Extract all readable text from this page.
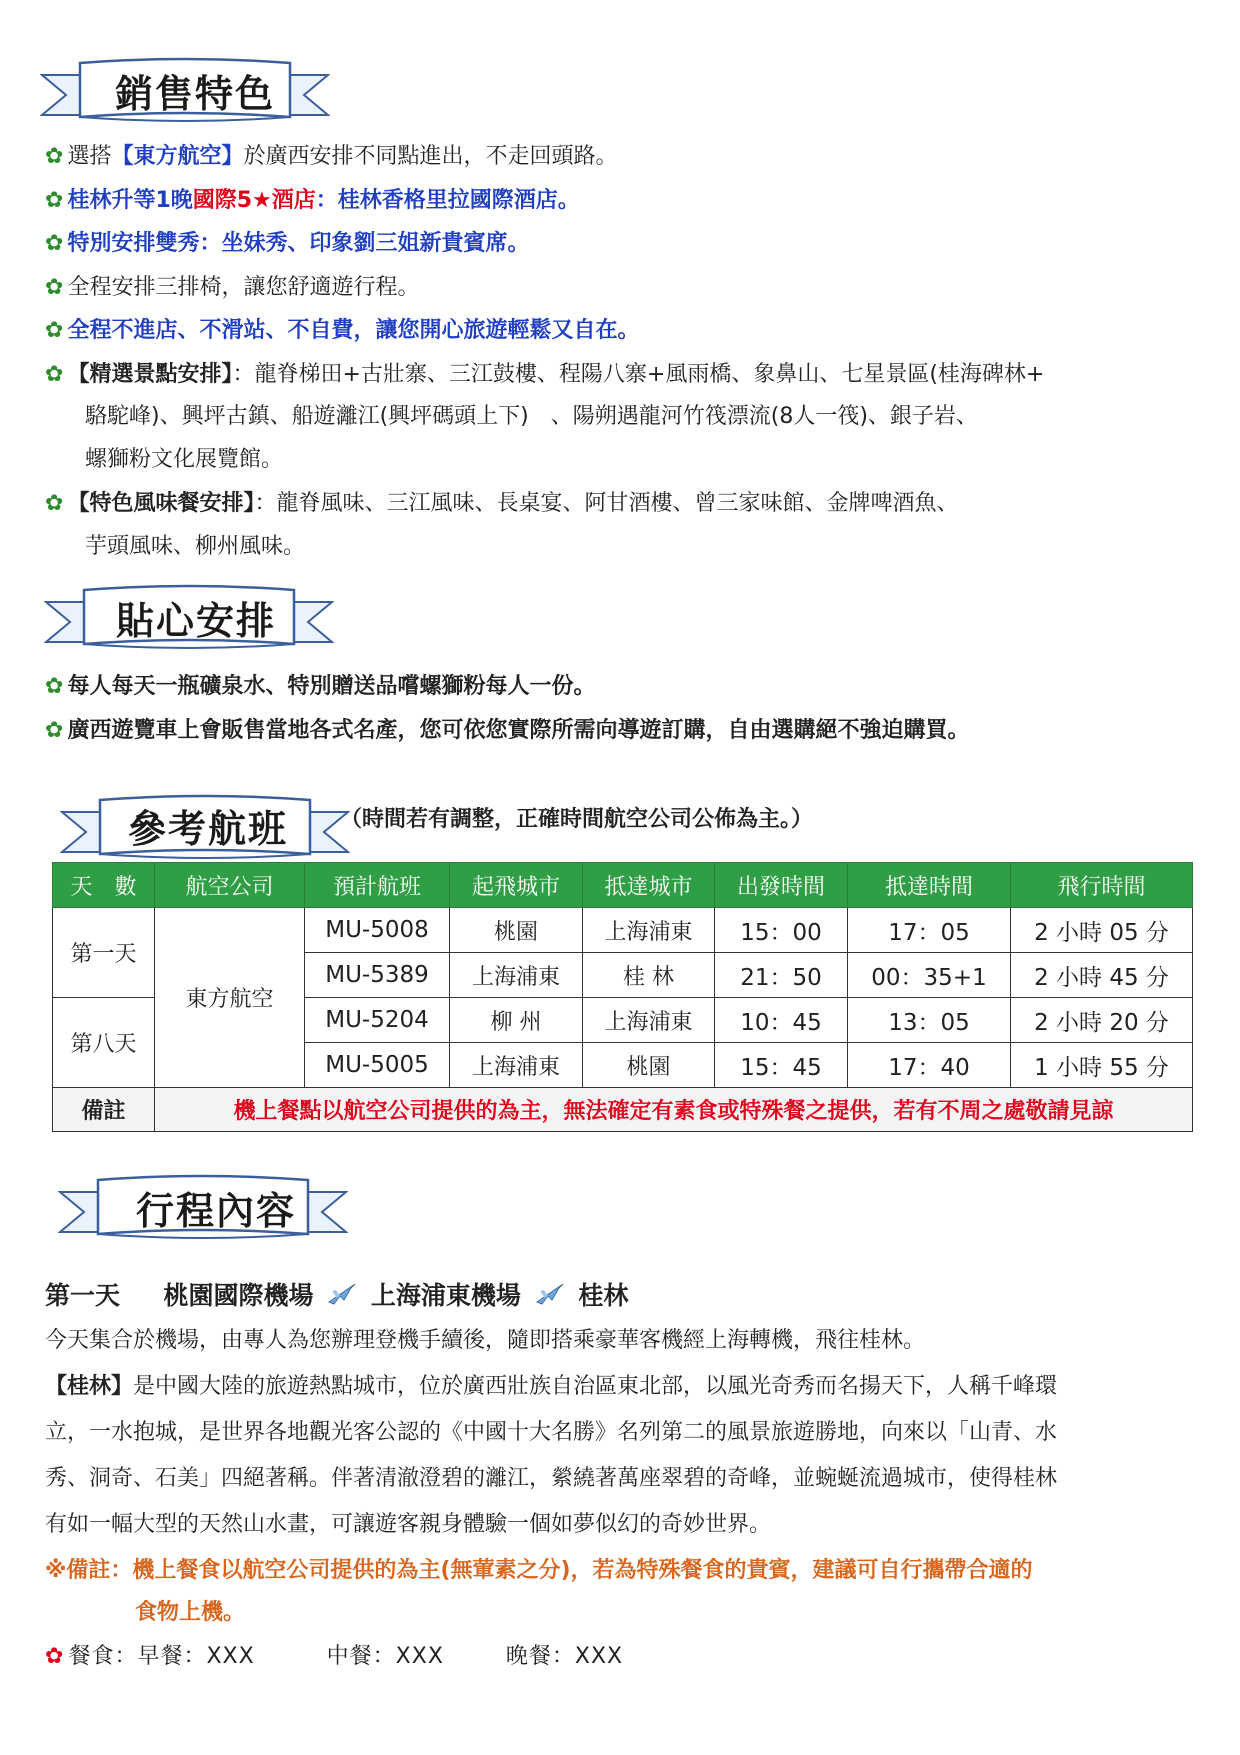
銷售特色
✿ 選搭【東方航空】於廣西安排不同點進出，不走回頭路。
✿ 桂林升等1晚國際5★酒店：桂林香格里拉國際酒店。
✿ 特別安排雙秀：坐妹秀、印象劉三姐新貴賓席。
✿ 全程安排三排椅，讓您舒適遊行程。
✿ 全程不進店、不滑站、不自費，讓您開心旅遊輕鬆又自在。
✿ 【精選景點安排】：龍脊梯田+古壯寨、三江鼓樓、程陽八寨+風雨橋、象鼻山、七星景區(桂海碑林+
駱駝峰)、興坪古鎮、船遊灕江(興坪碼頭上下)　、陽朔遇龍河竹筏漂流(8人一筏)、銀子岩、
螺獅粉文化展覽館。
✿ 【特色風味餐安排】：龍脊風味、三江風味、長桌宴、阿甘酒樓、曾三家味館、金牌啤酒魚、
芋頭風味、柳州風味。
貼心安排
✿ 每人每天一瓶礦泉水、特別贈送品嚐螺獅粉每人一份。
✿ 廣西遊覽車上會販售當地各式名產，您可依您實際所需向導遊訂購，自由選購絕不強迫購買。
參考航班 （時間若有調整，正確時間航空公司公佈為主。）
天　數	航空公司	預計航班	起飛城市	抵達城市	出發時間	抵達時間	飛行時間
第一天	東方航空	MU-5008	桃園	上海浦東	15：00	17：05	2 小時 05 分
		MU-5389	上海浦東	桂 林	21：50	00：35+1	2 小時 45 分
第八天		MU-5204	柳 州	上海浦東	10：45	13：05	2 小時 20 分
		MU-5005	上海浦東	桃園	15：45	17：40	1 小時 55 分
備註	機上餐點以航空公司提供的為主，無法確定有素食或特殊餐之提供，若有不周之處敬請見諒						
行程內容
第一天 桃園國際機場 上海浦東機場 桂林
今天集合於機場，由專人為您辦理登機手續後，隨即搭乘豪華客機經上海轉機，飛往桂林。
【桂林】是中國大陸的旅遊熱點城市，位於廣西壯族自治區東北部，以風光奇秀而名揚天下，人稱千峰環
立，一水抱城，是世界各地觀光客公認的《中國十大名勝》名列第二的風景旅遊勝地，向來以「山青、水
秀、洞奇、石美」四絕著稱。伴著清澈澄碧的灕江，縈繞著萬座翠碧的奇峰，並蜿蜒流過城市，使得桂林
有如一幅大型的天然山水畫，可讓遊客親身體驗一個如夢似幻的奇妙世界。
※備註：機上餐食以航空公司提供的為主(無葷素之分)，若為特殊餐食的貴賓，建議可自行攜帶合適的
食物上機。
✿ 餐食：早餐：XXX	中餐：XXX	晚餐：XXX
